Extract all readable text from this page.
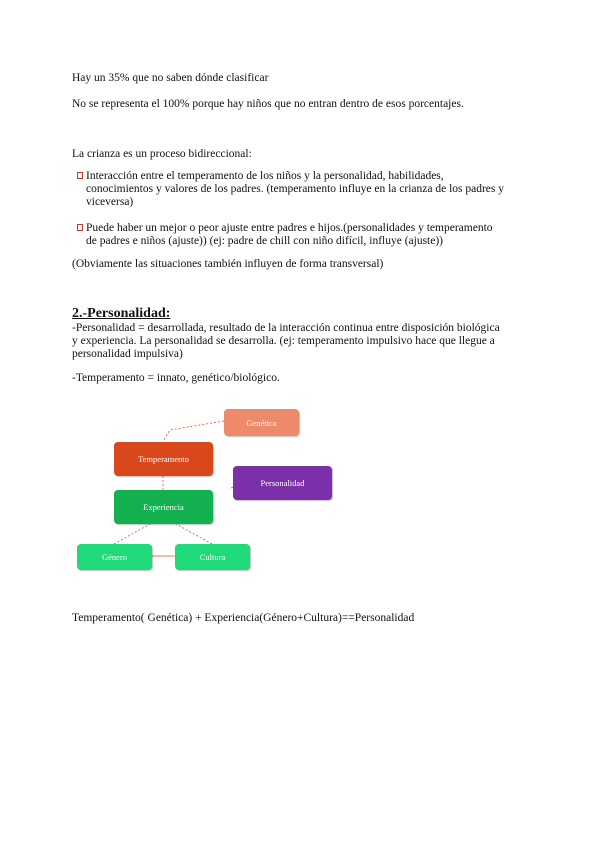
Hay un 35% que no saben dónde clasificar
No se representa el 100% porque hay niños que no entran dentro de esos porcentajes.
La crianza es un proceso bidireccional:
Interacción entre el temperamento de los niños y la personalidad, habilidades,
conocimientos y valores de los padres. (temperamento influye en la crianza de los padres y
viceversa)
Puede haber un mejor o peor ajuste entre padres e hijos.(personalidades y temperamento
de padres e niños (ajuste)) (ej: padre de chill con niño difícil, influye (ajuste))
(Obviamente las situaciones también influyen de forma transversal)
2.-Personalidad:
-Personalidad = desarrollada, resultado de la interacción continua entre disposición biológica
y experiencia. La personalidad se desarrolla. (ej: temperamento impulsivo hace que llegue a
personalidad impulsiva)
-Temperamento = innato, genético/biológico.
Genética
Temperamento
Personalidad
Experiencia
Género	Cultura
Temperamento( Genética) + Experiencia(Género+Cultura)==Personalidad
